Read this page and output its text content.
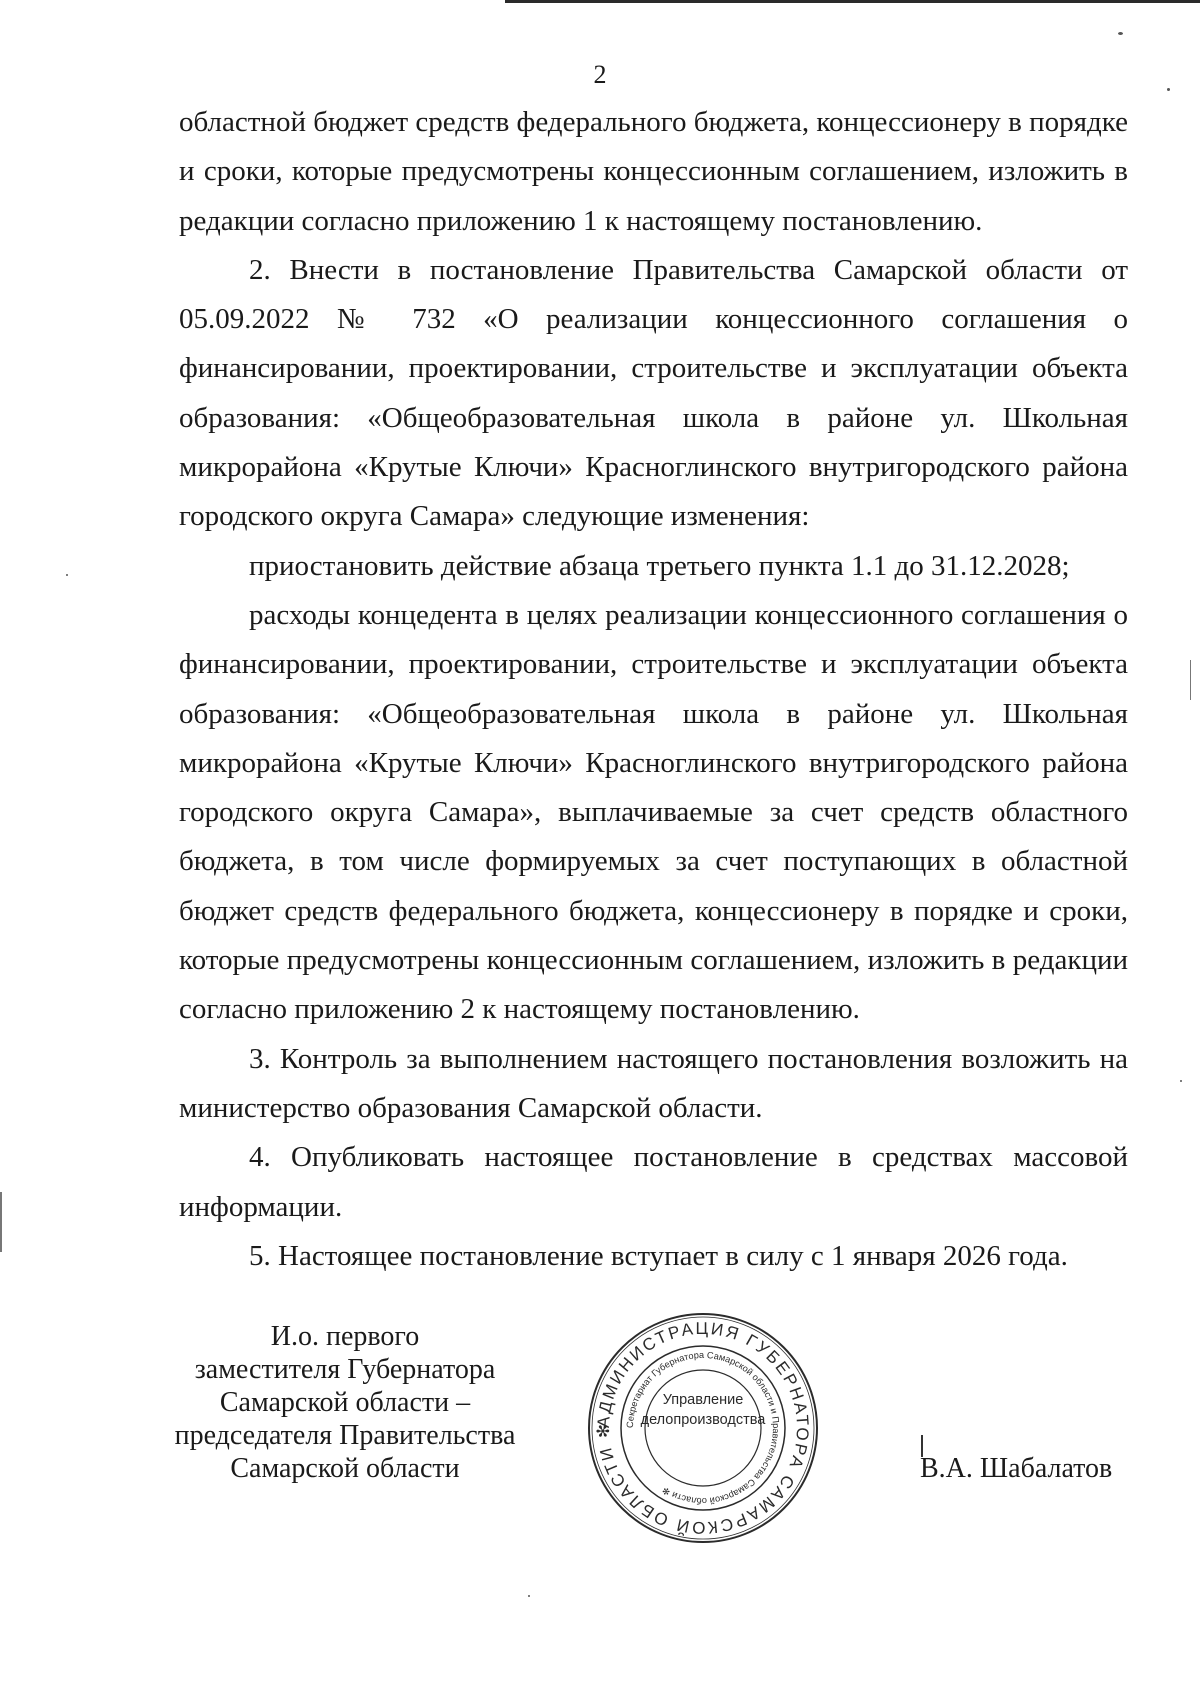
2

областной бюджет средств федерального бюджета, концессионеру в порядке и сроки, которые предусмотрены концессионным соглашением, изложить в редакции согласно приложению 1 к настоящему постановлению.

2. Внести в постановление Правительства Самарской области от 05.09.2022 № 732 «О реализации концессионного соглашения о финансировании, проектировании, строительстве и эксплуатации объекта образования: «Общеобразовательная школа в районе ул. Школьная микрорайона «Крутые Ключи» Красноглинского внутригородского района городского округа Самара» следующие изменения:

приостановить действие абзаца третьего пункта 1.1 до 31.12.2028;

расходы концедента в целях реализации концессионного соглашения о финансировании, проектировании, строительстве и эксплуатации объекта образования: «Общеобразовательная школа в районе ул. Школьная микрорайона «Крутые Ключи» Красноглинского внутригородского района городского округа Самара», выплачиваемые за счет средств областного бюджета, в том числе формируемых за счет поступающих в областной бюджет средств федерального бюджета, концессионеру в порядке и сроки, которые предусмотрены концессионным соглашением, изложить в редакции согласно приложению 2 к настоящему постановлению.

3. Контроль за выполнением настоящего постановления возложить на министерство образования Самарской области.

4. Опубликовать настоящее постановление в средствах массовой информации.

5. Настоящее постановление вступает в силу с 1 января 2026 года.

И.о. первого
заместителя Губернатора
Самарской области –
председателя Правительства
Самарской области
АДМИНИСТРАЦИЯ ГУБЕРНАТОРА САМАРСКОЙ ОБЛАСТИ ✻	Секретариат Губернатора Самарской области и Правительства Самарской области ✻
Управление
делопроизводства
В.А. Шабалатов
